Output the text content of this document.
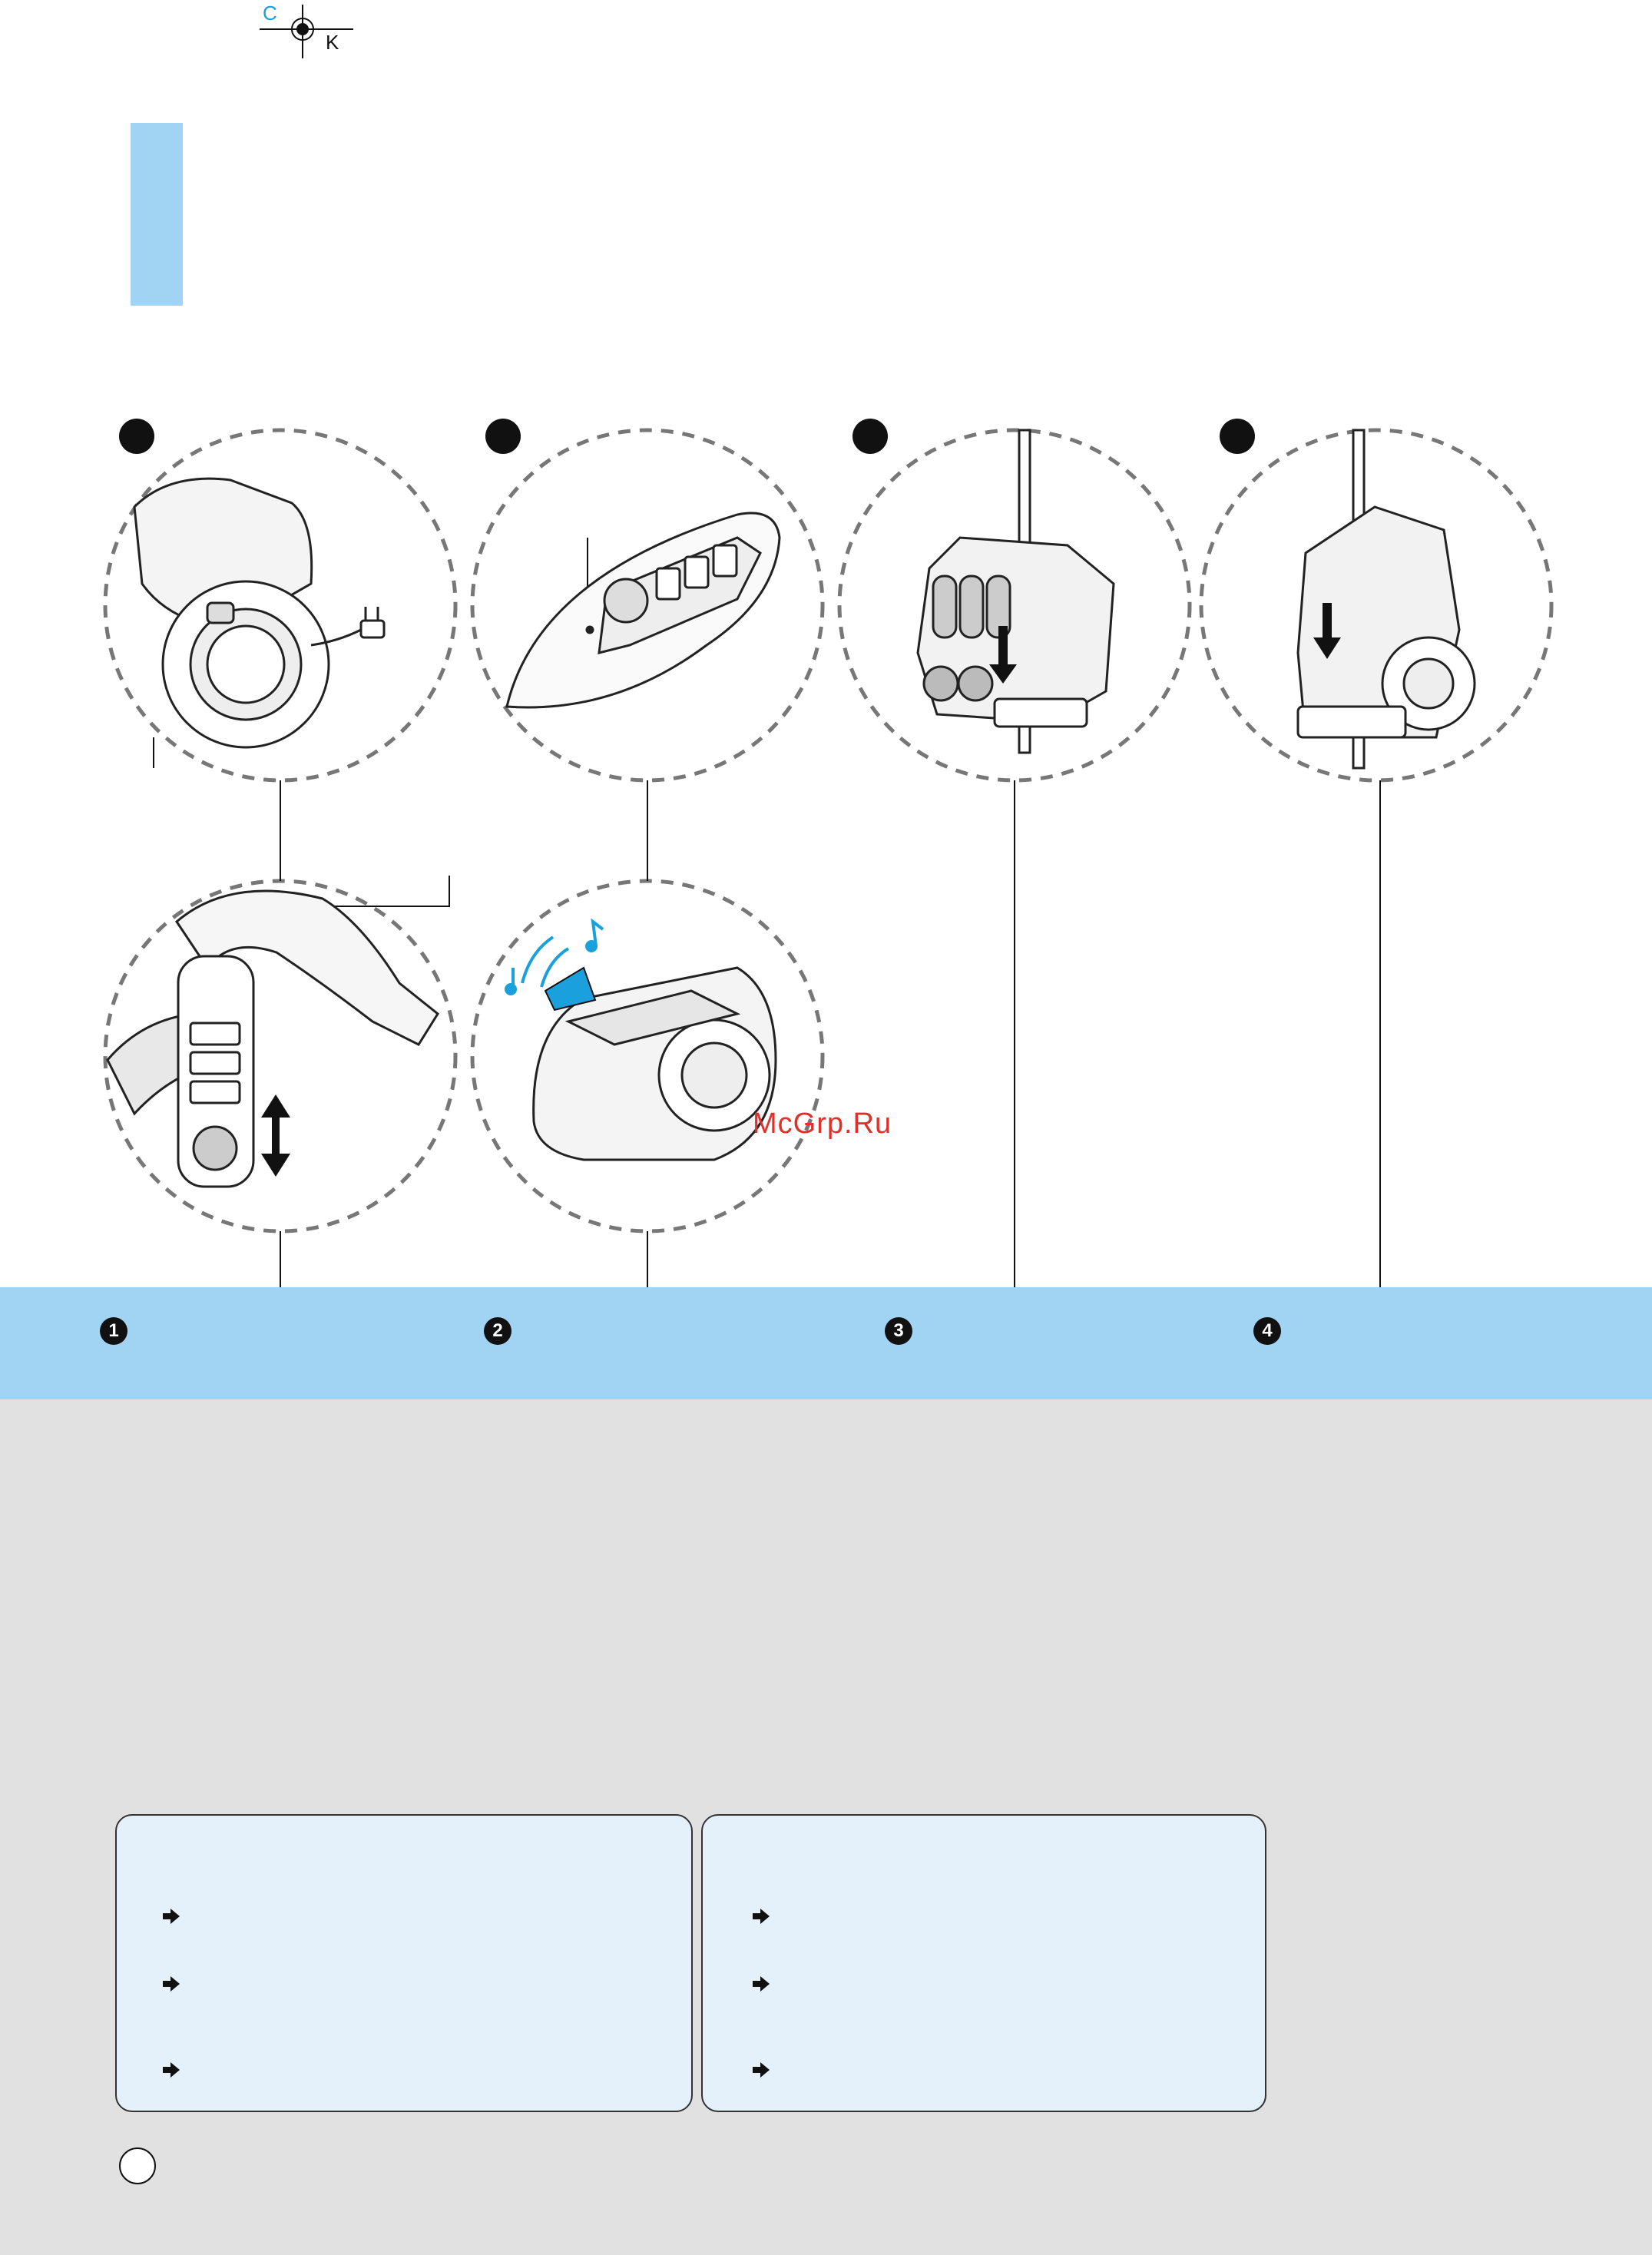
C
K
McGrp.Ru
1	2	3	4
